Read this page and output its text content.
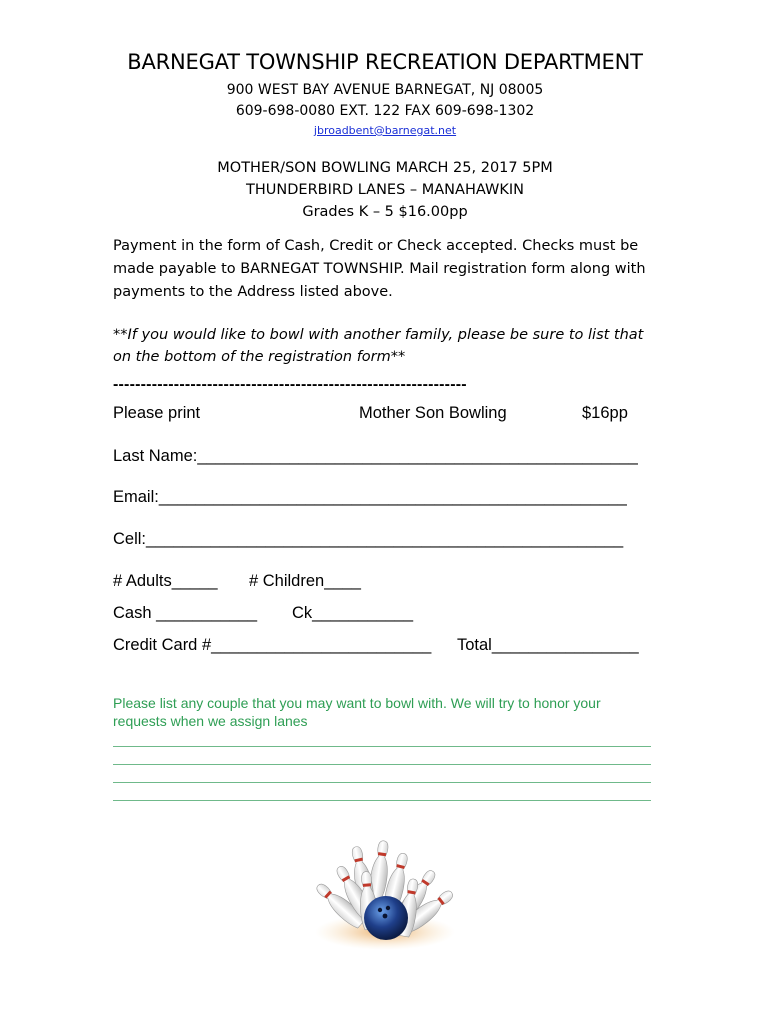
BARNEGAT TOWNSHIP RECREATION DEPARTMENT
900 WEST BAY AVENUE BARNEGAT, NJ 08005
609-698-0080 EXT. 122 FAX 609-698-1302
jbroadbent@barnegat.net
MOTHER/SON BOWLING MARCH 25, 2017 5PM
THUNDERBIRD LANES – MANAHAWKIN
Grades K – 5 $16.00pp
Payment in the form of Cash, Credit or Check accepted. Checks must be
made payable to BARNEGAT TOWNSHIP. Mail registration form along with
payments to the Address listed above.
**If you would like to bowl with another family, please be sure to list that
on the bottom of the registration form**
----------------------------------------------------------------
Please print	Mother Son Bowling	$16pp
Last Name:________________________________________________
Email:___________________________________________________
Cell:____________________________________________________
# Adults_____ # Children____
Cash ___________ Ck___________
Credit Card #________________________ Total________________
Please list any couple that you may want to bowl with. We will try to honor your
requests when we assign lanes
